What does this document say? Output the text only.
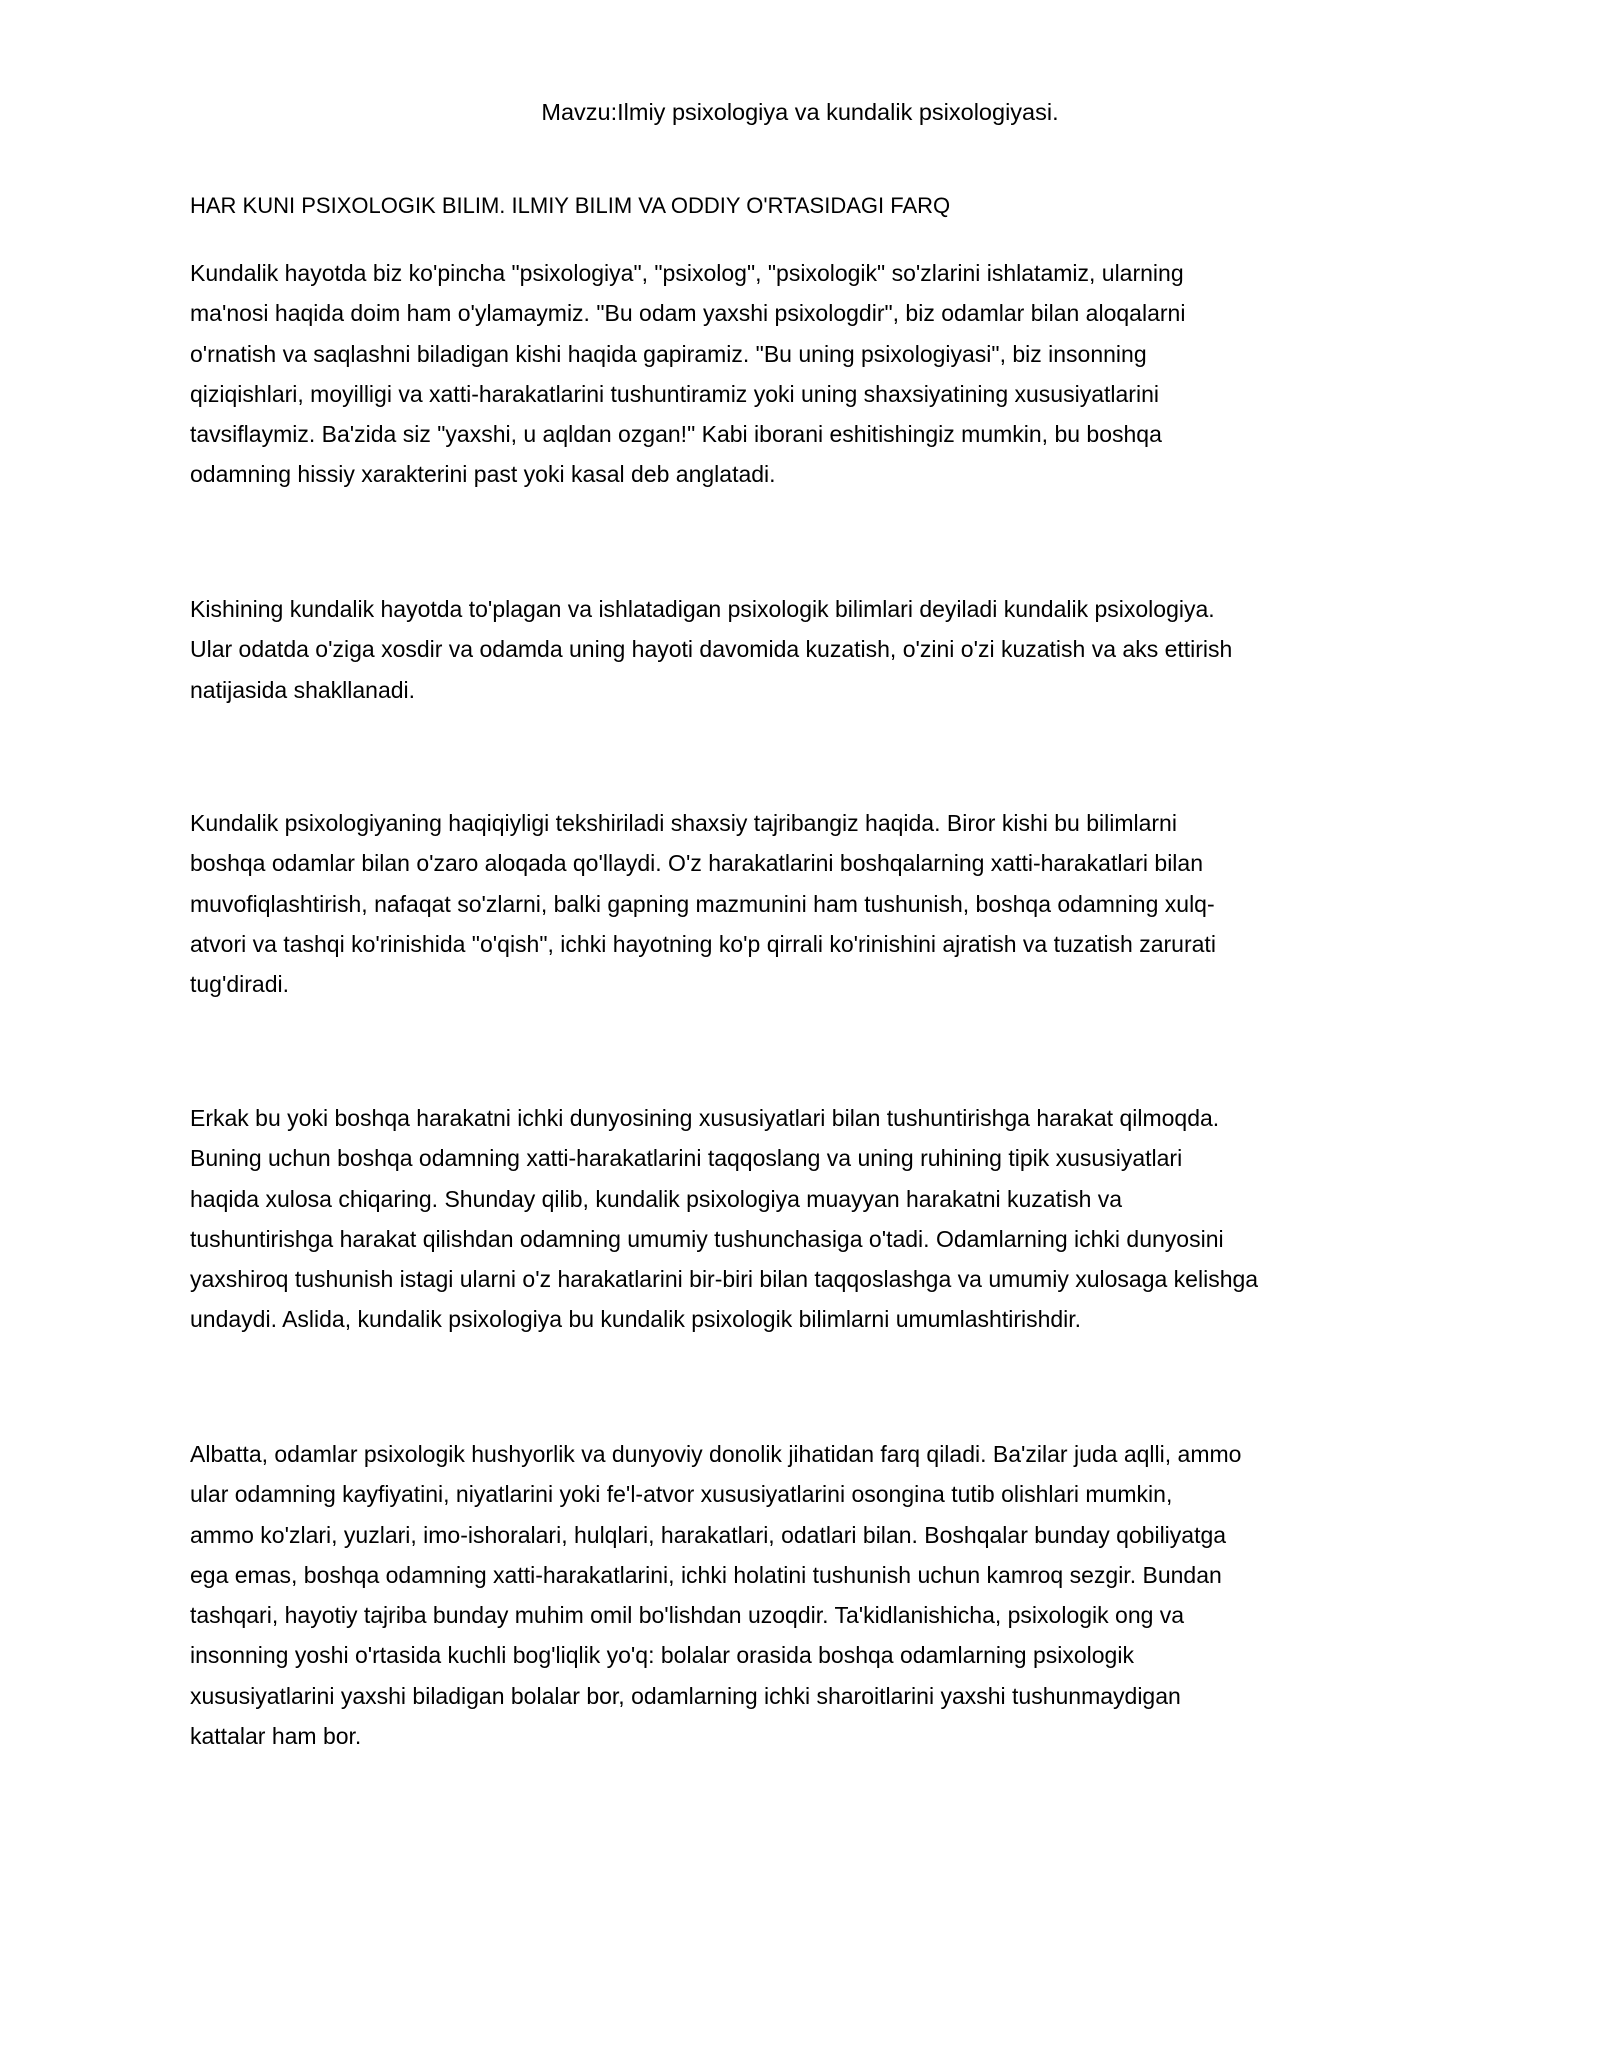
Mavzu:Ilmiy psixologiya va kundalik psixologiyasi.

HAR KUNI PSIXOLOGIK BILIM. ILMIY BILIM VA ODDIY O'RTASIDAGI FARQ

Kundalik hayotda biz ko'pincha "psixologiya", "psixolog", "psixologik" so'zlarini ishlatamiz, ularning
ma'nosi haqida doim ham o'ylamaymiz. "Bu odam yaxshi psixologdir", biz odamlar bilan aloqalarni
o'rnatish va saqlashni biladigan kishi haqida gapiramiz. "Bu uning psixologiyasi", biz insonning
qiziqishlari, moyilligi va xatti-harakatlarini tushuntiramiz yoki uning shaxsiyatining xususiyatlarini
tavsiflaymiz. Ba'zida siz "yaxshi, u aqldan ozgan!" Kabi iborani eshitishingiz mumkin, bu boshqa
odamning hissiy xarakterini past yoki kasal deb anglatadi.

Kishining kundalik hayotda to'plagan va ishlatadigan psixologik bilimlari deyiladi kundalik psixologiya.
Ular odatda o'ziga xosdir va odamda uning hayoti davomida kuzatish, o'zini o'zi kuzatish va aks ettirish
natijasida shakllanadi.

Kundalik psixologiyaning haqiqiyligi tekshiriladi shaxsiy tajribangiz haqida. Biror kishi bu bilimlarni
boshqa odamlar bilan o'zaro aloqada qo'llaydi. O'z harakatlarini boshqalarning xatti-harakatlari bilan
muvofiqlashtirish, nafaqat so'zlarni, balki gapning mazmunini ham tushunish, boshqa odamning xulq-
atvori va tashqi ko'rinishida "o'qish", ichki hayotning ko'p qirrali ko'rinishini ajratish va tuzatish zarurati
tug'diradi.

Erkak bu yoki boshqa harakatni ichki dunyosining xususiyatlari bilan tushuntirishga harakat qilmoqda.
Buning uchun boshqa odamning xatti-harakatlarini taqqoslang va uning ruhining tipik xususiyatlari
haqida xulosa chiqaring. Shunday qilib, kundalik psixologiya muayyan harakatni kuzatish va
tushuntirishga harakat qilishdan odamning umumiy tushunchasiga o'tadi. Odamlarning ichki dunyosini
yaxshiroq tushunish istagi ularni o'z harakatlarini bir-biri bilan taqqoslashga va umumiy xulosaga kelishga
undaydi. Aslida, kundalik psixologiya bu kundalik psixologik bilimlarni umumlashtirishdir.

Albatta, odamlar psixologik hushyorlik va dunyoviy donolik jihatidan farq qiladi. Ba'zilar juda aqlli, ammo
ular odamning kayfiyatini, niyatlarini yoki fe'l-atvor xususiyatlarini osongina tutib olishlari mumkin,
ammo ko'zlari, yuzlari, imo-ishoralari, hulqlari, harakatlari, odatlari bilan. Boshqalar bunday qobiliyatga
ega emas, boshqa odamning xatti-harakatlarini, ichki holatini tushunish uchun kamroq sezgir. Bundan
tashqari, hayotiy tajriba bunday muhim omil bo'lishdan uzoqdir. Ta'kidlanishicha, psixologik ong va
insonning yoshi o'rtasida kuchli bog'liqlik yo'q: bolalar orasida boshqa odamlarning psixologik
xususiyatlarini yaxshi biladigan bolalar bor, odamlarning ichki sharoitlarini yaxshi tushunmaydigan
kattalar ham bor.
